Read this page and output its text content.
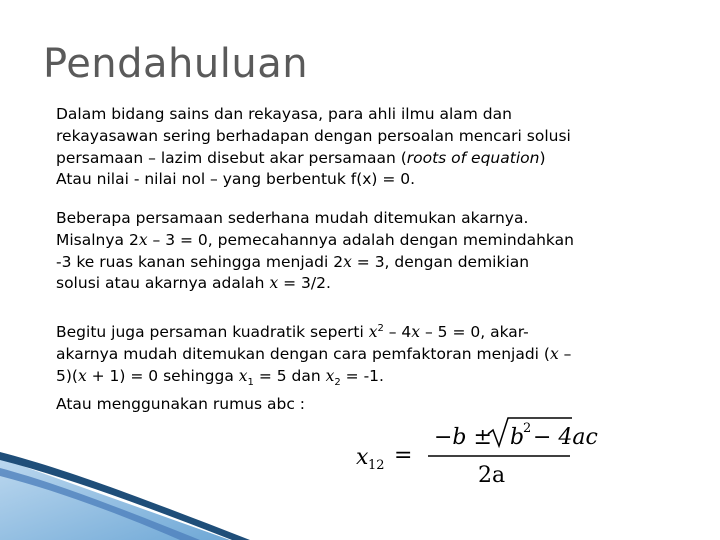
Pendahuluan
Dalam bidang sains dan rekayasa, para ahli ilmu alam dan
rekayasawan sering berhadapan dengan persoalan mencari solusi
persamaan – lazim disebut akar persamaan (roots of equation)
Atau nilai - nilai nol – yang berbentuk f(x) = 0.
Beberapa persamaan sederhana mudah ditemukan akarnya.
Misalnya 2x – 3 = 0, pemecahannya adalah dengan memindahkan
-3 ke ruas kanan sehingga menjadi 2x = 3, dengan demikian
solusi atau akarnya adalah x = 3/2.
Begitu juga persaman kuadratik seperti $x^2 - 4x - 5 = 0$, akar-
akarnya mudah ditemukan dengan cara pemfaktoran menjadi (x –
5)(x + 1) = 0 sehingga $x_1 = 5$ dan $x_2 = -1$.
Atau menggunakan rumus abc :
x 12 =
−b ± b
2 − 4ac
2a
